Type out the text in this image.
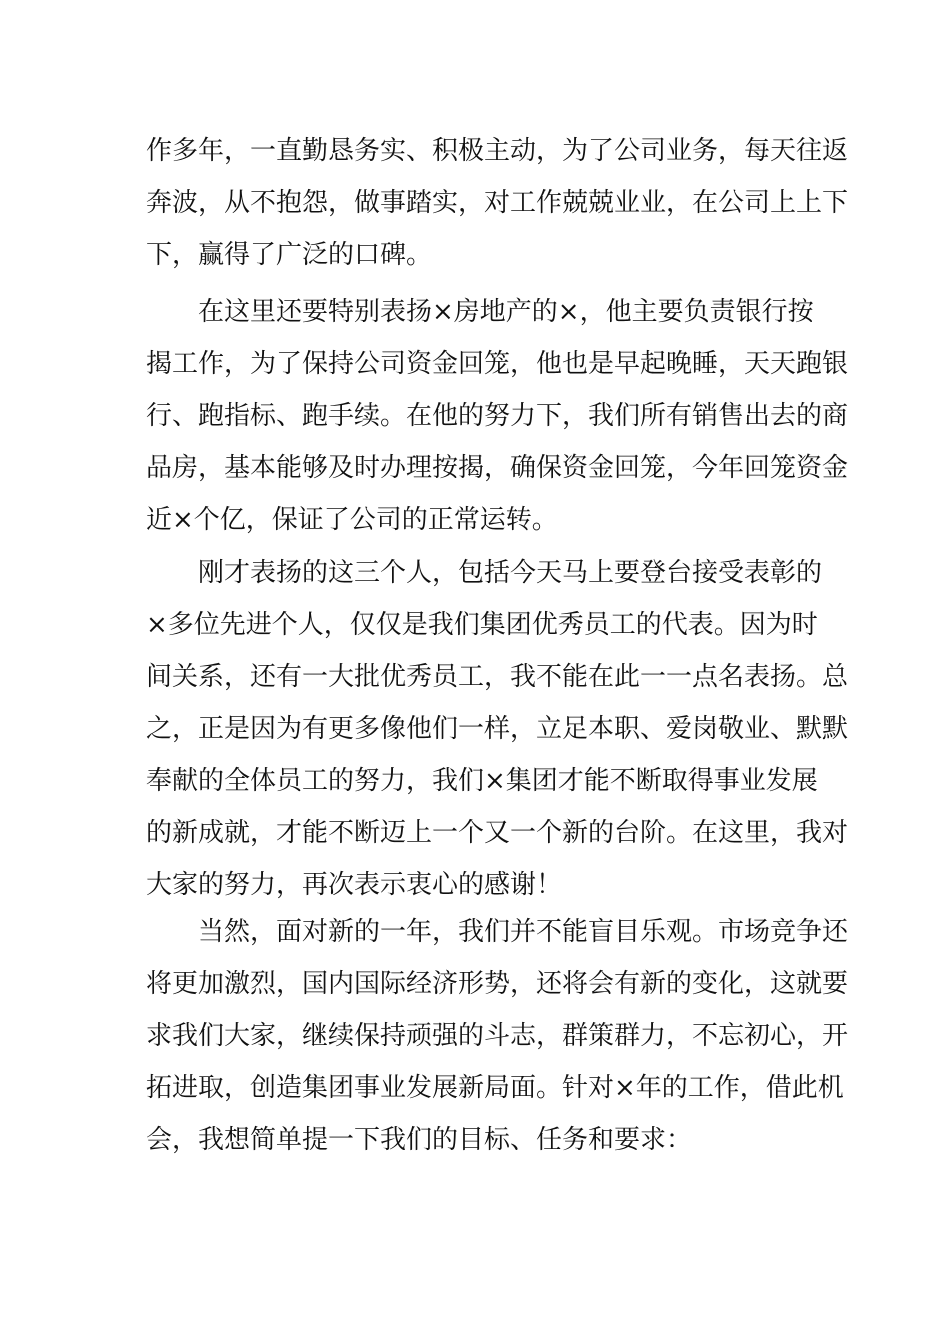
作多年，一直勤恳务实、积极主动，为了公司业务，每天往返
奔波，从不抱怨，做事踏实，对工作兢兢业业，在公司上上下
下，赢得了广泛的口碑。
　　在这里还要特别表扬×房地产的×，他主要负责银行按
揭工作，为了保持公司资金回笼，他也是早起晚睡，天天跑银
行、跑指标、跑手续。在他的努力下，我们所有销售出去的商
品房，基本能够及时办理按揭，确保资金回笼，今年回笼资金
近×个亿，保证了公司的正常运转。
　　刚才表扬的这三个人，包括今天马上要登台接受表彰的
×多位先进个人，仅仅是我们集团优秀员工的代表。因为时
间关系，还有一大批优秀员工，我不能在此一一点名表扬。总
之，正是因为有更多像他们一样，立足本职、爱岗敬业、默默
奉献的全体员工的努力，我们×集团才能不断取得事业发展
的新成就，才能不断迈上一个又一个新的台阶。在这里，我对
大家的努力，再次表示衷心的感谢！
　　当然，面对新的一年，我们并不能盲目乐观。市场竞争还
将更加激烈，国内国际经济形势，还将会有新的变化，这就要
求我们大家，继续保持顽强的斗志，群策群力，不忘初心，开
拓进取，创造集团事业发展新局面。针对×年的工作，借此机
会，我想简单提一下我们的目标、任务和要求：
